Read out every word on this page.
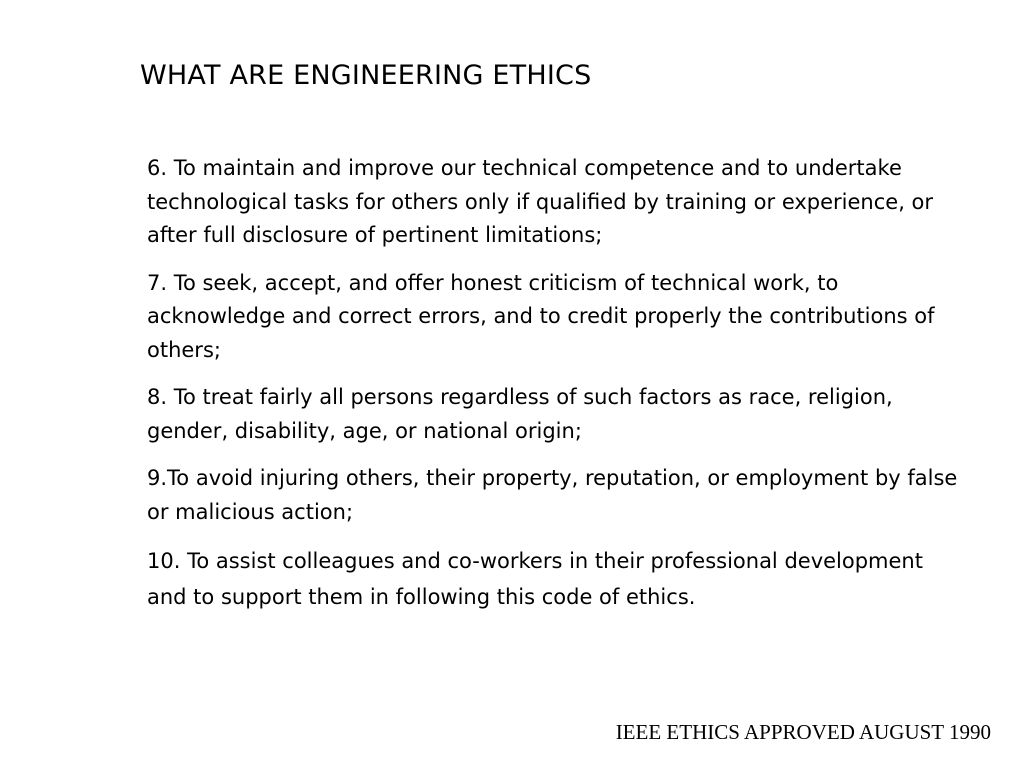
WHAT ARE ENGINEERING ETHICS
6. To maintain and improve our technical competence and to undertake technological tasks for others only if qualified by training or experience, or after full disclosure of pertinent limitations;
7. To seek, accept, and offer honest criticism of technical work, to acknowledge and correct errors, and to credit properly the contributions of others;
8. To treat fairly all persons regardless of such factors as race, religion, gender, disability, age, or national origin;
9.To avoid injuring others, their property, reputation, or employment by false or malicious action;
10. To assist colleagues and co-workers in their professional development and to support them in following this code of ethics.

IEEE ETHICS APPROVED AUGUST 1990
